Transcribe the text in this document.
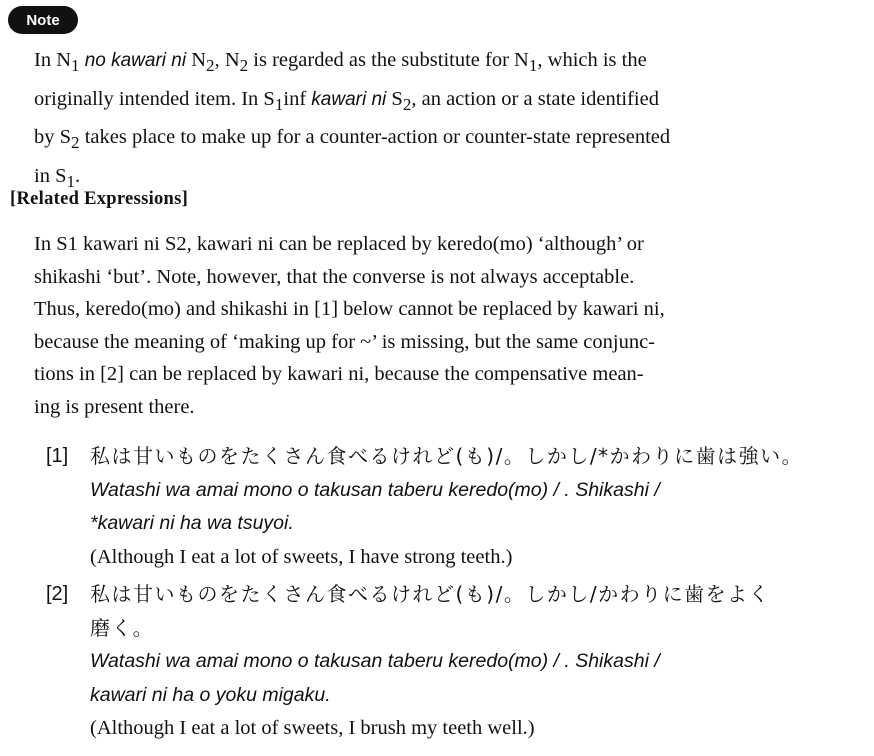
Note
In $N_1$ no kawari ni $N_2$, $N_2$ is regarded as the substitute for $N_1$, which is the
originally intended item. In $S_1inf$ kawari ni $S_2$, an action or a state identified
by $S_2$ takes place to make up for a counter-action or counter-state represented
in $S_1$.
[Related Expressions]
In S1 kawari ni S2, kawari ni can be replaced by keredo(mo) ‘although’ or
shikashi ‘but’. Note, however, that the converse is not always acceptable.
Thus, keredo(mo) and shikashi in [1] below cannot be replaced by kawari ni,
because the meaning of ‘making up for ~’ is missing, but the same conjunc-
tions in [2] can be replaced by kawari ni, because the compensative mean-
ing is present there.
[1] 私は甘いものをたくさん食べるけれど(も)/。しかし/*かわりに歯は強い。
Watashi wa amai mono o takusan taberu keredo(mo) / . Shikashi /
*kawari ni ha wa tsuyoi.
(Although I eat a lot of sweets, I have strong teeth.)
[2] 私は甘いものをたくさん食べるけれど(も)/。しかし/かわりに歯をよく
磨く。
Watashi wa amai mono o takusan taberu keredo(mo) / . Shikashi /
kawari ni ha o yoku migaku.
(Although I eat a lot of sweets, I brush my teeth well.)
